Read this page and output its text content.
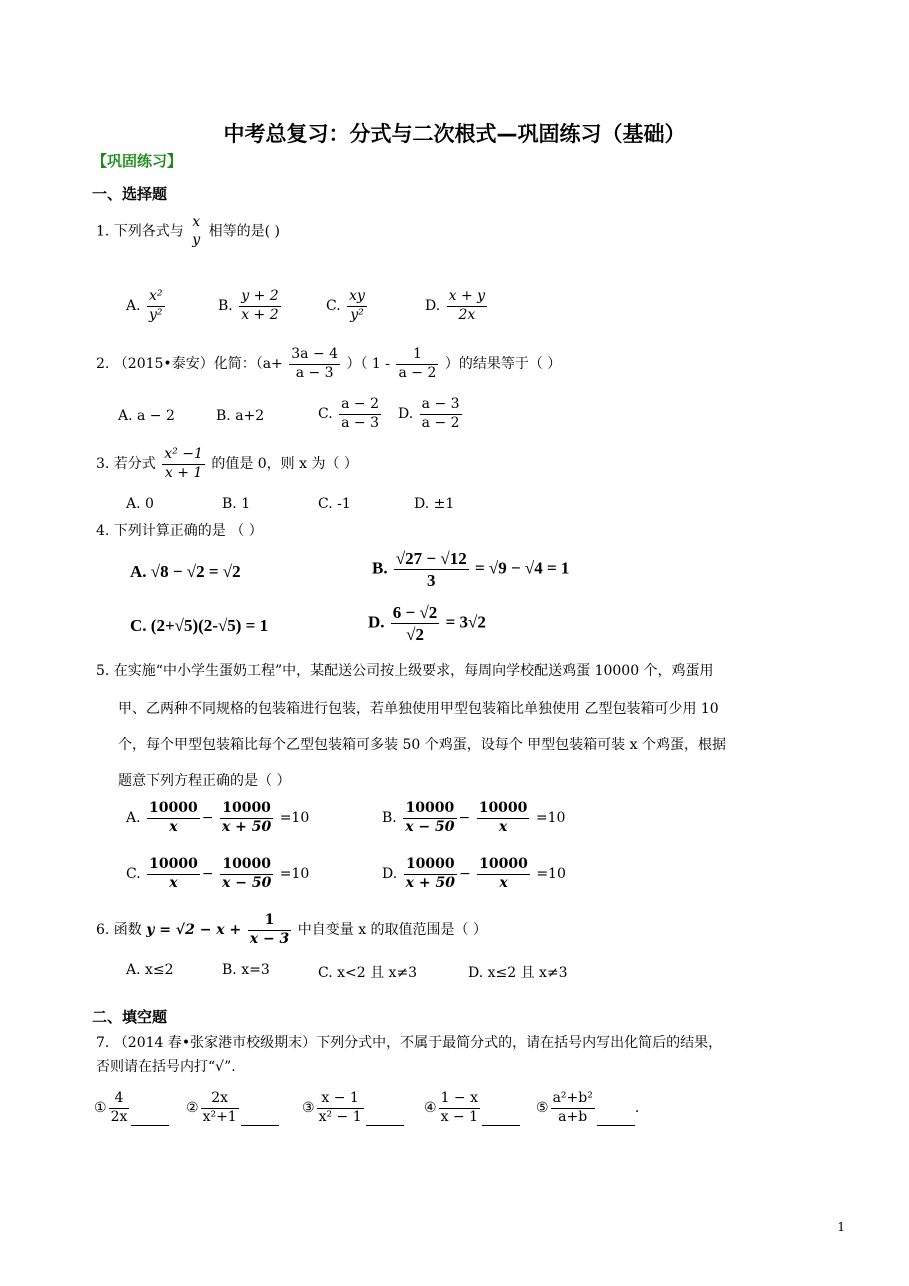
中考总复习：分式与二次根式—巩固练习（基础）
【巩固练习】
一、选择题
1. 下列各式与
x
y 相等的是( )
A. $\frac{\text{x²}}{\text{y²}}$	B. $\frac{y + 2}{x + 2}$	C. $\frac{xy}{\text{y²}}$	D. $\frac{x + y}{2x}$
2. （2015•泰安）化简：（$a+ \frac{3a - 4}{a - 3}$ ）（ $1 - \frac{1}{a - 2}$ ）的结果等于（ ）
A. a − 2	B. a+2	C. $\frac{a - 2}{a - 3} D$. $\frac{a - 3}{a - 2}$
3. 若分式 $\frac{\text{x² −1}}{x + 1}$ 的值是 0，则 x 为（ ）
A. 0	B. 1	C. -1	D. ±1
4. 下列计算正确的是 （ ）
A. √8 − √2 = √2	B. $\frac{√27 - √12}{3} = √9 - √4 = 1$
C. (2+√5)(2-√5) = 1	D. $\frac{6 - √2}{√2} = 3√2$
5. 在实施“中小学生蛋奶工程”中，某配送公司按上级要求，每周向学校配送鸡蛋 10000 个，鸡蛋用
甲、乙两种不同规格的包装箱进行包装，若单独使用甲型包装箱比单独使用 乙型包装箱可少用 10
个，每个甲型包装箱比每个乙型包装箱可多装 50 个鸡蛋，设每个 甲型包装箱可装 x 个鸡蛋，根据
题意下列方程正确的是（ ）
A. $\frac{10000}{x} - \frac{10000}{x + 50} =10$	B. $\frac{10000}{x - 50} - \frac{10000}{x} =10$
C. $\frac{10000}{x} - \frac{10000}{x - 50} =10$	D. $\frac{10000}{x + 50} - \frac{10000}{x} =10$
6. 函数 $y = √2 - x + \frac{1}{x - 3}$ 中自变量 x 的取值范围是（ ）
A. x≤2	B. x=3	C. x<2 且 x≠3	D. x≤2 且 x≠3
二、填空题
7. （2014 春•张家港市校级期末）下列分式中，不属于最简分式的，请在括号内写出化简后的结果，
否则请在括号内打“√”.
① $\frac{4}{2x}$	② $\frac{2x}{\text{x²+1}}$	③ $\frac{x - 1}{\text{x² − 1}}$	④ $\frac{1 - x}{x - 1}$	⑤ $\frac{\text{a²+b²}}{a+b}$	.
1
